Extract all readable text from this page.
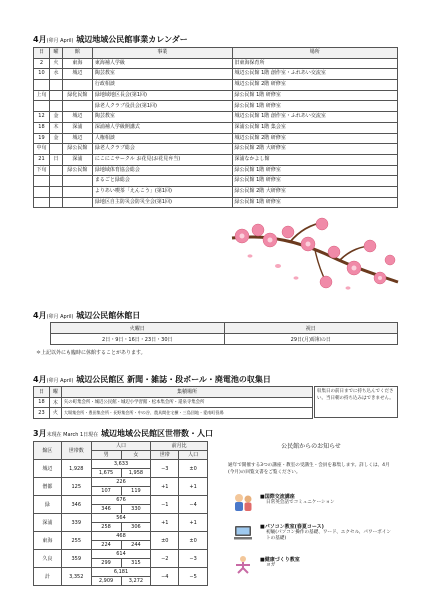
4月(卯月 April) 城辺地域公民館事業カレンダー
日	曜	館	事業	場所
2	火	東海	東海補人学級	旧東海保育所
10	水	城辺	陶芸教室	城辺公民館 1階 創作室・ふれあい交流室
			行政相談	城辺公民館 2階 研修室
上旬		緑化民館	緑地域地区長会(第1回)	緑公民館 1階 研修室
			緑老人クラブ役員会(第1回)	緑公民館 1階 研修室
12	金	城辺	陶芸教室	城辺公民館 1階 創作室・ふれあい交流室
18	木	深浦	深浦補人学級開講式	深浦公民館 1階 集会室
19	金	城辺	人権相談	城辺公民館 2階 研修室
中旬		緑公民館	緑老人クラブ総会	緑公民館 2階 大研修室
21	日	深浦	にこにこサークル お花見(お花見弁当)	深浦なかよし館
下旬		緑公民館	緑地域体育協会総会	緑公民館 1階 研修室
			まるごと緑総会	緑公民館 1階 研修室
			よりあい喫茶「えんこう」(第1回)	緑公民館 2階 大研修室
			緑地区自主防災会防災全会(第1回)	緑公民館 1階 研修室
4月(卯月 April) 城辺公民館休館日
火曜日	祝日
2日・9日・16日・23日・30日	29日(月)昭和の日
＊上記以外にも臨時に休館することがあります。
4月(卯月 April) 城辺公民館区 新聞・雑誌・段ボール・廃電池の収集日
日	曜	集積場所
18	木	矢の町集会所・城辺公民館・城辺小学習館・松本集会所・還泉寺集会所
23	火	大場集会所・豊田集会所・長野集会所・中の谷、農具間住宅横・三島団地・愛南町役場
収集日の前日までに持ち込んでください。当日朝の持ち込みはできません。
3月末現在 March 1日現在 城辺地域公民館区世帯数・人口
館区	世帯数	人口		前月比	
		男	女	世帯	人口
城辺	1,928	3,633		−3	±0
		1,675	1,958		
僧都	125	226		+1	+1
		107	119		
緑	346	676		−1	−4
		346	330		
深浦	339	564		+1	+1
		258	306		
東海	255	468		±0	±0
		224	244		
久良	359	614		−2	−3
		299	315		
計	3,352	6,181		−4	−5
		2,909	3,272		
公民館からのお知らせ
通年で開催する3つの講座・教室の受講生・会員を募集します。詳しくは、4月(今月)の回覧文書をご覧ください。
■国際交流講座
日常英会話でコミュニケーション
■パソコン教室(春夏コース)
初級(パソコン操作の基礎、ワード、エクセル、パワーポイントの基礎)
■健康づくり教室
ヨガ
